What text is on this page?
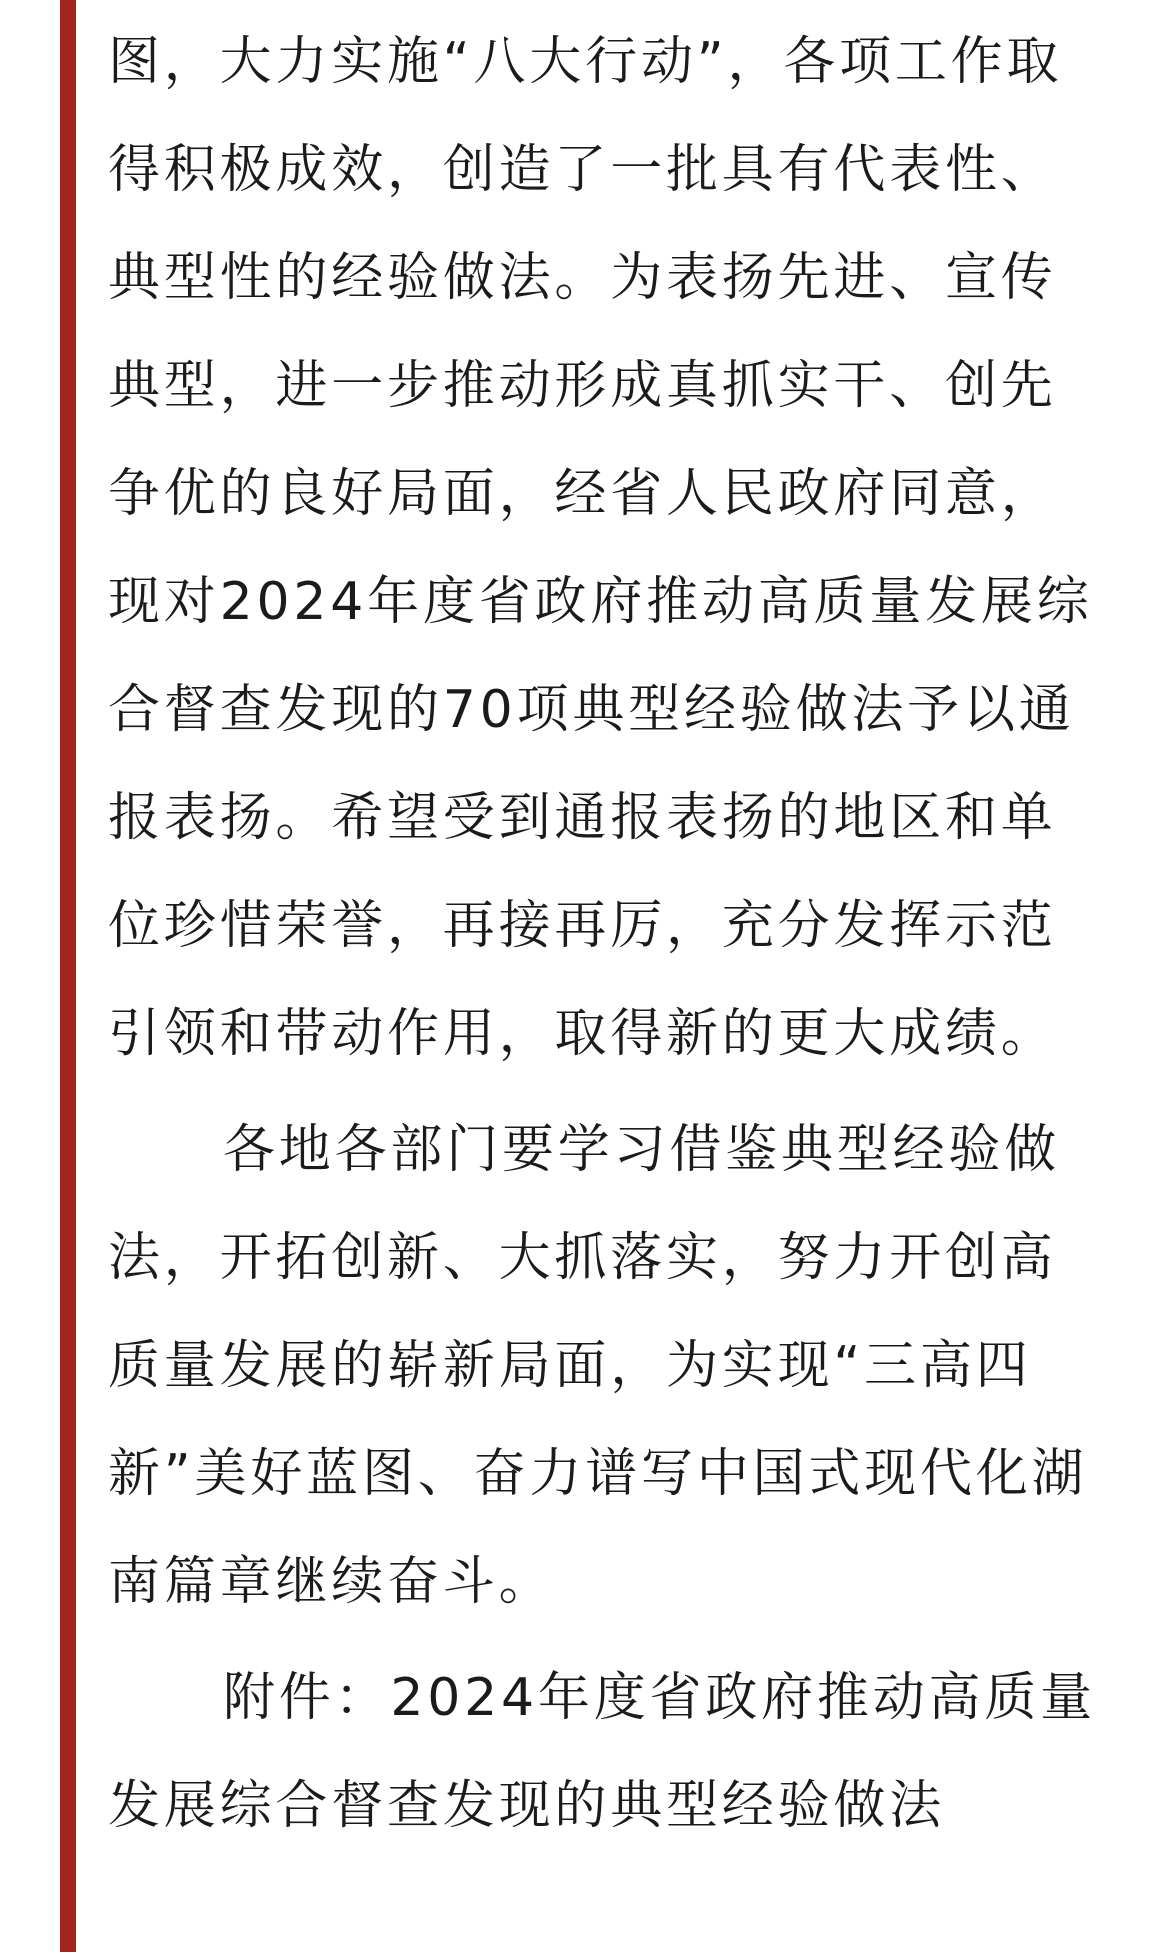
图，大力实施“八大行动”，各项工作取
得积极成效，创造了一批具有代表性、
典型性的经验做法。为表扬先进、宣传
典型，进一步推动形成真抓实干、创先
争优的良好局面，经省人民政府同意，
现对2024年度省政府推动高质量发展综
合督查发现的70项典型经验做法予以通
报表扬。希望受到通报表扬的地区和单
位珍惜荣誉，再接再厉，充分发挥示范
引领和带动作用，取得新的更大成绩。
各地各部门要学习借鉴典型经验做
法，开拓创新、大抓落实，努力开创高
质量发展的崭新局面，为实现“三高四
新”美好蓝图、奋力谱写中国式现代化湖
南篇章继续奋斗。
附件：2024年度省政府推动高质量
发展综合督查发现的典型经验做法
